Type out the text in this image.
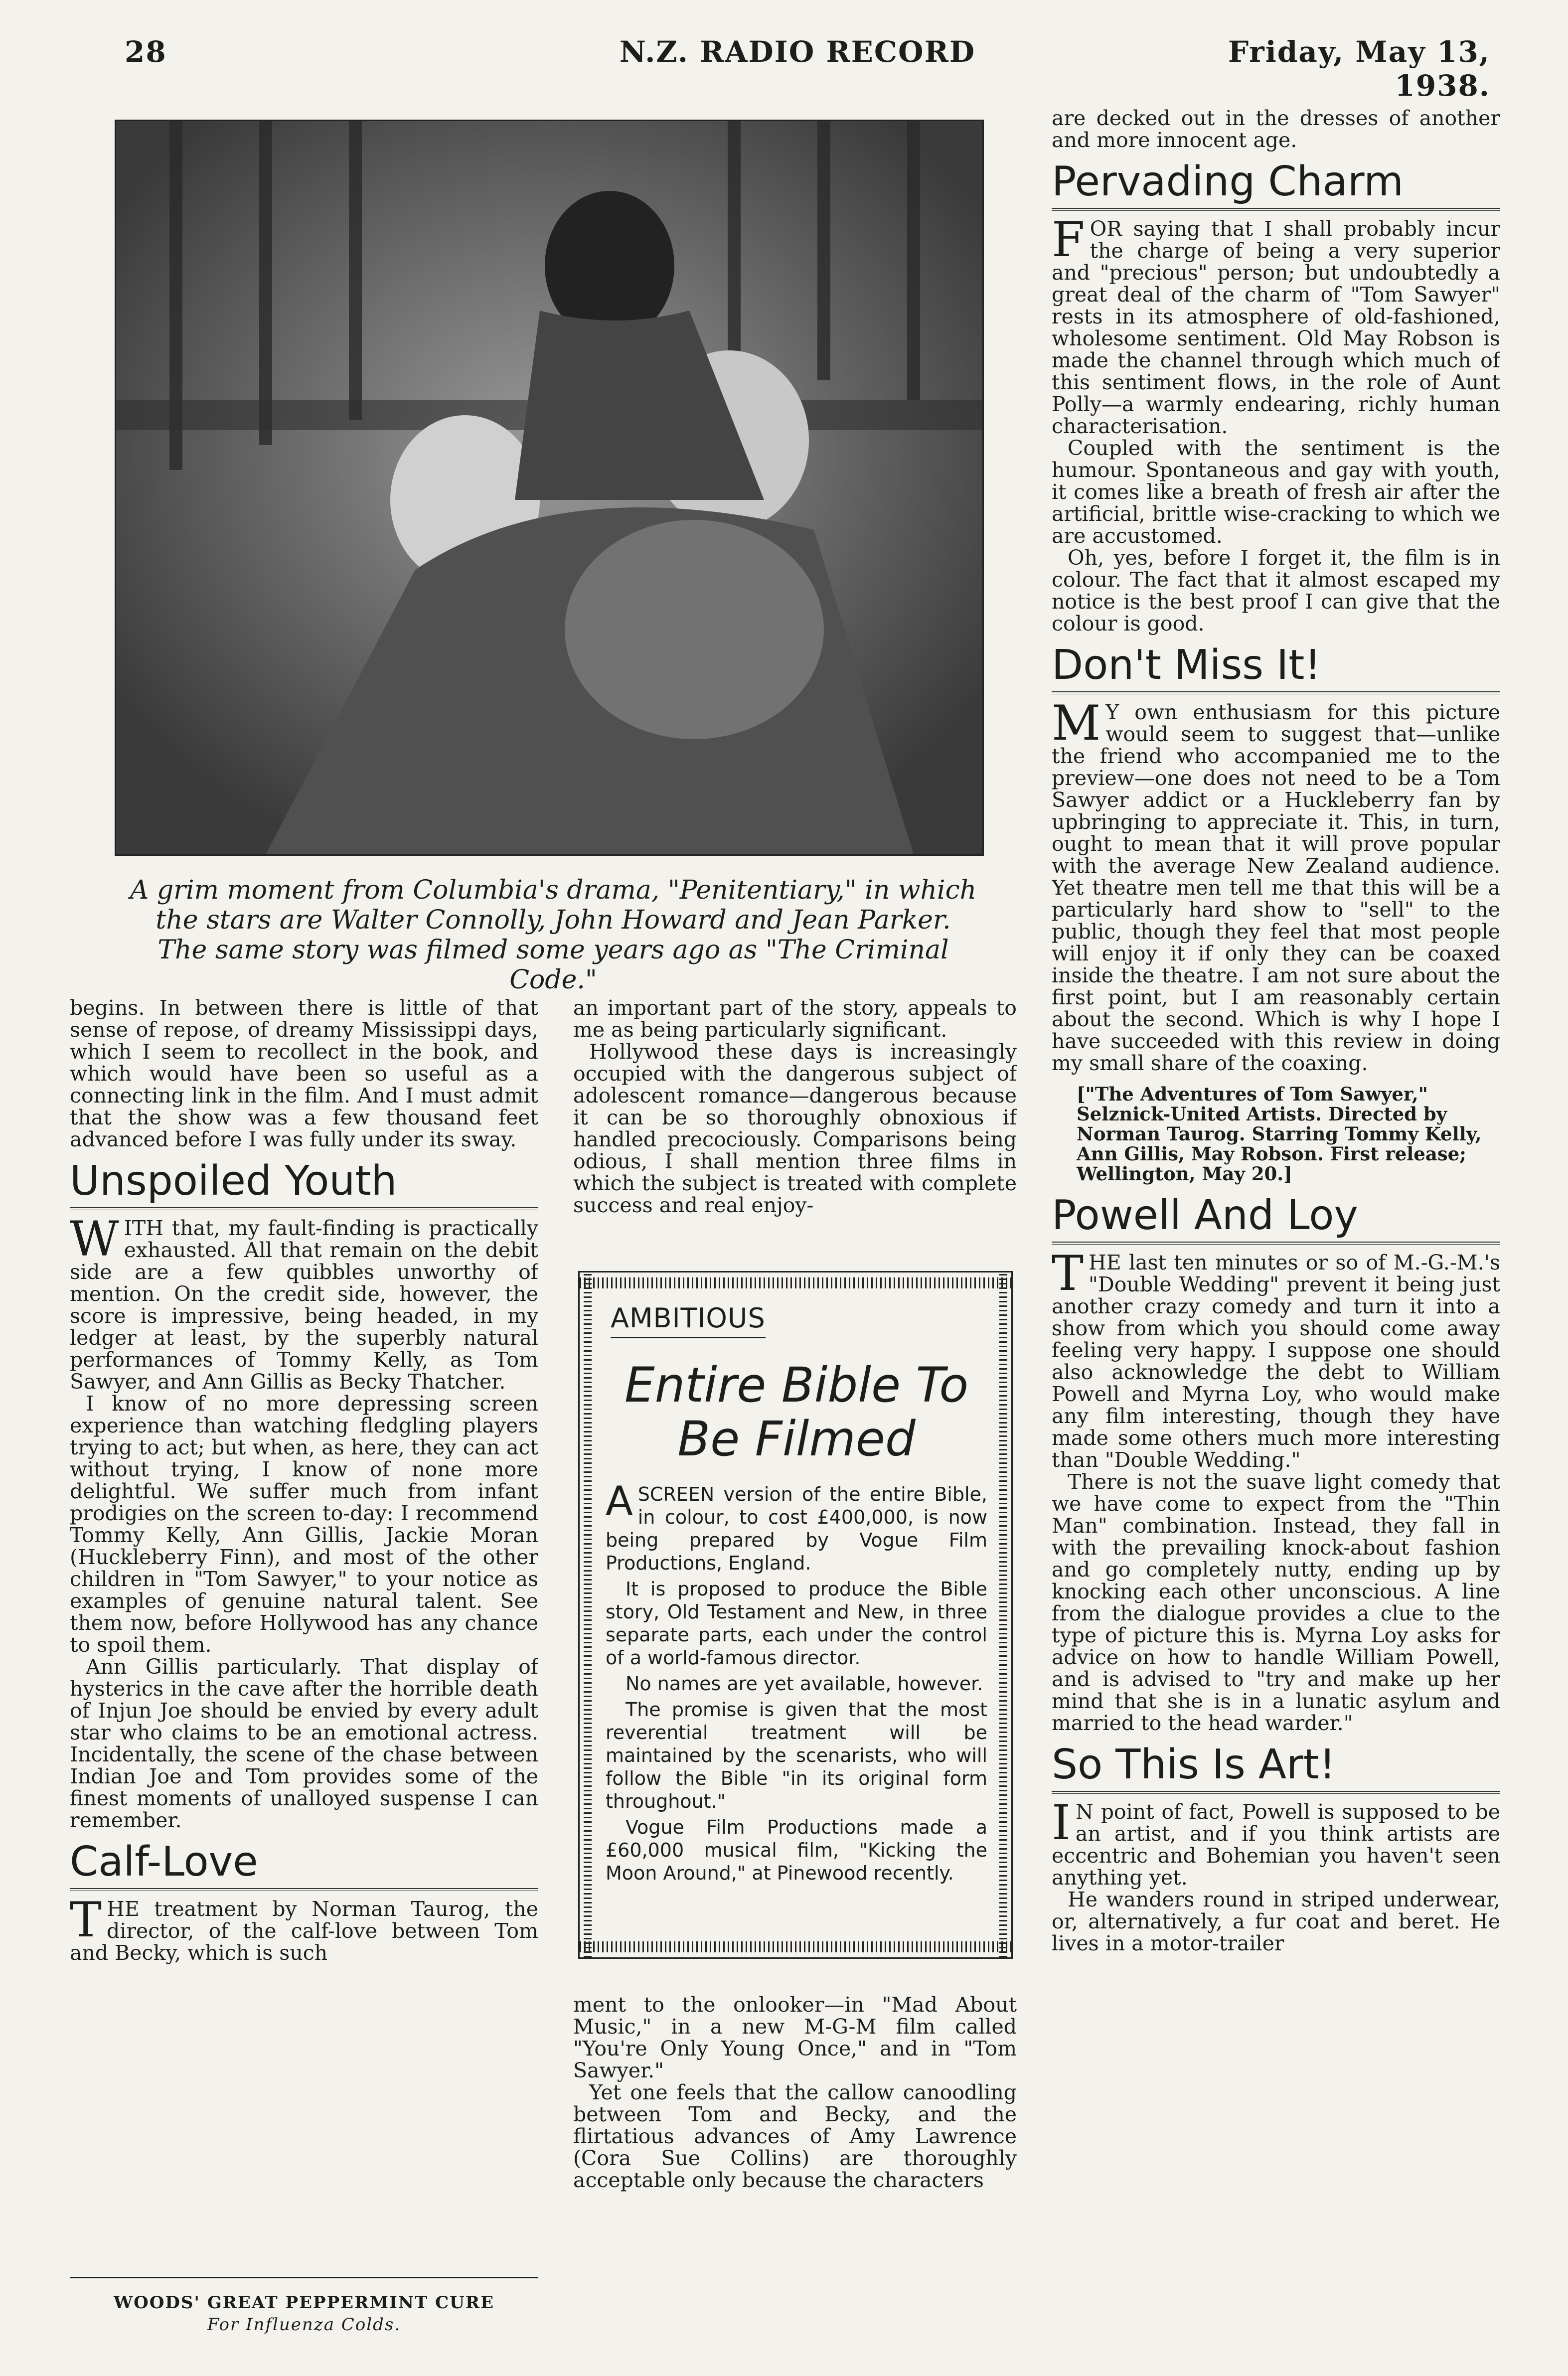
28	N.Z. RADIO RECORD	Friday, May 13, 1938.
A grim moment from Columbia's drama, "Penitentiary," in which the stars are Walter Connolly, John Howard and Jean Parker. The same story was filmed some years ago as "The Criminal Code."

begins. In between there is little of that sense of repose, of dreamy Mississippi days, which I seem to recollect in the book, and which would have been so useful as a connecting link in the film. And I must admit that the show was a few thousand feet advanced before I was fully under its sway.

Unspoiled Youth

WITH that, my fault-finding is practically exhausted. All that remain on the debit side are a few quibbles unworthy of mention. On the credit side, however, the score is impressive, being headed, in my ledger at least, by the superbly natural performances of Tommy Kelly, as Tom Sawyer, and Ann Gillis as Becky Thatcher.

I know of no more depressing screen experience than watching fledgling players trying to act; but when, as here, they can act without trying, I know of none more delightful. We suffer much from infant prodigies on the screen to-day: I recommend Tommy Kelly, Ann Gillis, Jackie Moran (Huckleberry Finn), and most of the other children in "Tom Sawyer," to your notice as examples of genuine natural talent. See them now, before Hollywood has any chance to spoil them.

Ann Gillis particularly. That display of hysterics in the cave after the horrible death of Injun Joe should be envied by every adult star who claims to be an emotional actress. Incidentally, the scene of the chase between Indian Joe and Tom provides some of the finest moments of unalloyed suspense I can remember.

Calf-Love

THE treatment by Norman Taurog, the director, of the calf-love between Tom and Becky, which is such

WOODS' GREAT PEPPERMINT CURE
For Influenza Colds.

an important part of the story, appeals to me as being particularly significant.

Hollywood these days is increasingly occupied with the dangerous subject of adolescent romance—dangerous because it can be so thoroughly obnoxious if handled precociously. Comparisons being odious, I shall mention three films in which the subject is treated with complete success and real enjoy-

AMBITIOUS
Entire Bible To Be Filmed

ASCREEN version of the entire Bible, in colour, to cost £400,000, is now being prepared by Vogue Film Productions, England.

It is proposed to produce the Bible story, Old Testament and New, in three separate parts, each under the control of a world-famous director.

No names are yet available, however.

The promise is given that the most reverential treatment will be maintained by the scenarists, who will follow the Bible "in its original form throughout."

Vogue Film Productions made a £60,000 musical film, "Kicking the Moon Around," at Pinewood recently.

ment to the onlooker—in "Mad About Music," in a new M-G-M film called "You're Only Young Once," and in "Tom Sawyer."

Yet one feels that the callow canoodling between Tom and Becky, and the flirtatious advances of Amy Lawrence (Cora Sue Collins) are thoroughly acceptable only because the characters

are decked out in the dresses of another and more innocent age.

Pervading Charm

FOR saying that I shall probably incur the charge of being a very superior and "precious" person; but undoubtedly a great deal of the charm of "Tom Sawyer" rests in its atmosphere of old-fashioned, wholesome sentiment. Old May Robson is made the channel through which much of this sentiment flows, in the role of Aunt Polly—a warmly endearing, richly human characterisation.

Coupled with the sentiment is the humour. Spontaneous and gay with youth, it comes like a breath of fresh air after the artificial, brittle wise-cracking to which we are accustomed.

Oh, yes, before I forget it, the film is in colour. The fact that it almost escaped my notice is the best proof I can give that the colour is good.

Don't Miss It!

M Y own enthusiasm for this picture would seem to suggest that—unlike the friend who accompanied me to the preview—one does not need to be a Tom Sawyer addict or a Huckleberry fan by upbringing to appreciate it. This, in turn, ought to mean that it will prove popular with the average New Zealand audience. Yet theatre men tell me that this will be a particularly hard show to "sell" to the public, though they feel that most people will enjoy it if only they can be coaxed inside the theatre. I am not sure about the first point, but I am reasonably certain about the second. Which is why I hope I have succeeded with this review in doing my small share of the coaxing.

["The Adventures of Tom Sawyer," Selznick-United Artists. Directed by Norman Taurog. Starring Tommy Kelly, Ann Gillis, May Robson. First release; Wellington, May 20.]

Powell And Loy

THE last ten minutes or so of M.-G.-M.'s "Double Wedding" prevent it being just another crazy comedy and turn it into a show from which you should come away feeling very happy. I suppose one should also acknowledge the debt to William Powell and Myrna Loy, who would make any film interesting, though they have made some others much more interesting than "Double Wedding."

There is not the suave light comedy that we have come to expect from the "Thin Man" combination. Instead, they fall in with the prevailing knock-about fashion and go completely nutty, ending up by knocking each other unconscious. A line from the dialogue provides a clue to the type of picture this is. Myrna Loy asks for advice on how to handle William Powell, and is advised to "try and make up her mind that she is in a lunatic asylum and married to the head warder."

So This Is Art!

I N point of fact, Powell is supposed to be an artist, and if you think artists are eccentric and Bohemian you haven't seen anything yet.

He wanders round in striped underwear, or, alternatively, a fur coat and beret. He lives in a motor-trailer
